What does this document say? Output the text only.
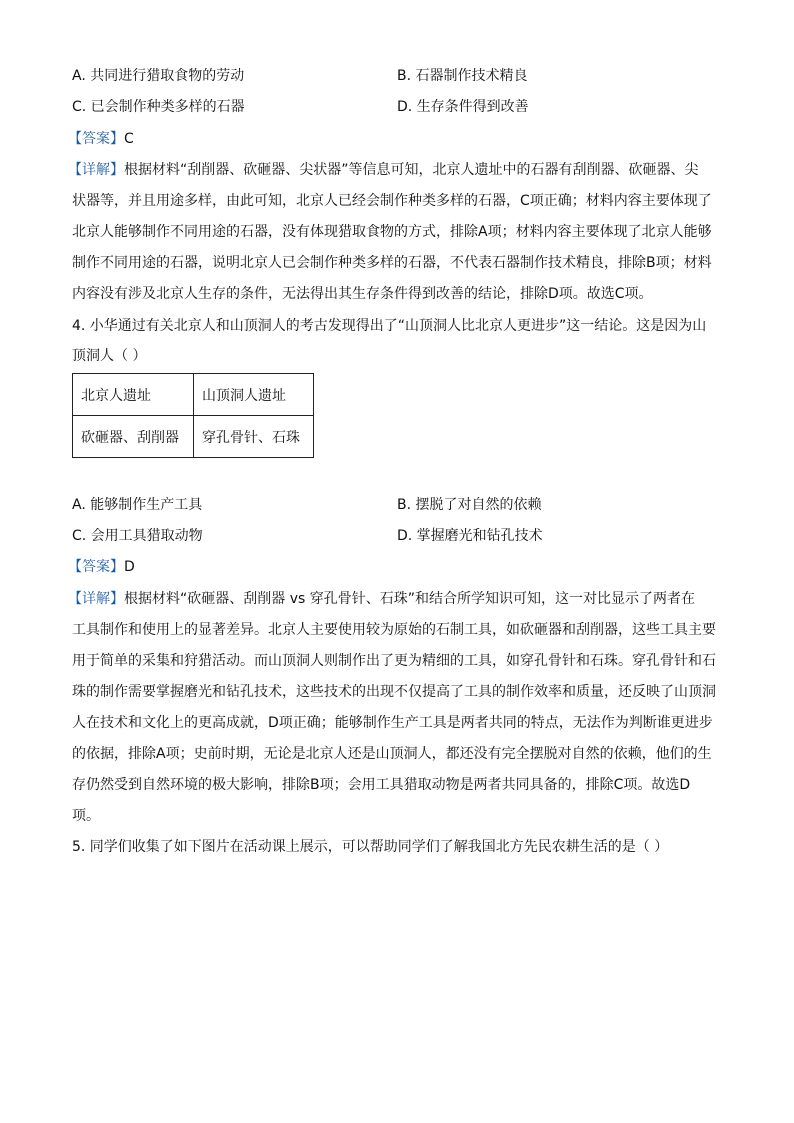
A. 共同进行猎取食物的劳动	B. 石器制作技术精良
C. 已会制作种类多样的石器	D. 生存条件得到改善
【答案】C
【详解】根据材料“刮削器、砍砸器、尖状器”等信息可知，北京人遗址中的石器有刮削器、砍砸器、尖
状器等，并且用途多样，由此可知，北京人已经会制作种类多样的石器，C项正确；材料内容主要体现了
北京人能够制作不同用途的石器，没有体现猎取食物的方式，排除A项；材料内容主要体现了北京人能够
制作不同用途的石器，说明北京人已会制作种类多样的石器，不代表石器制作技术精良，排除B项；材料
内容没有涉及北京人生存的条件，无法得出其生存条件得到改善的结论，排除D项。故选C项。
4. 小华通过有关北京人和山顶洞人的考古发现得出了“山顶洞人比北京人更进步”这一结论。这是因为山
顶洞人（ ）
北京人遗址	山顶洞人遗址
砍砸器、刮削器	穿孔骨针、石珠
A. 能够制作生产工具	B. 摆脱了对自然的依赖
C. 会用工具猎取动物	D. 掌握磨光和钻孔技术
【答案】D
【详解】根据材料“砍砸器、刮削器 vs 穿孔骨针、石珠”和结合所学知识可知，这一对比显示了两者在
工具制作和使用上的显著差异。北京人主要使用较为原始的石制工具，如砍砸器和刮削器，这些工具主要
用于简单的采集和狩猎活动。而山顶洞人则制作出了更为精细的工具，如穿孔骨针和石珠。穿孔骨针和石
珠的制作需要掌握磨光和钻孔技术，这些技术的出现不仅提高了工具的制作效率和质量，还反映了山顶洞
人在技术和文化上的更高成就，D项正确；能够制作生产工具是两者共同的特点，无法作为判断谁更进步
的依据，排除A项；史前时期，无论是北京人还是山顶洞人，都还没有完全摆脱对自然的依赖，他们的生
存仍然受到自然环境的极大影响，排除B项；会用工具猎取动物是两者共同具备的，排除C项。故选D
项。
5. 同学们收集了如下图片在活动课上展示，可以帮助同学们了解我国北方先民农耕生活的是（ ）
